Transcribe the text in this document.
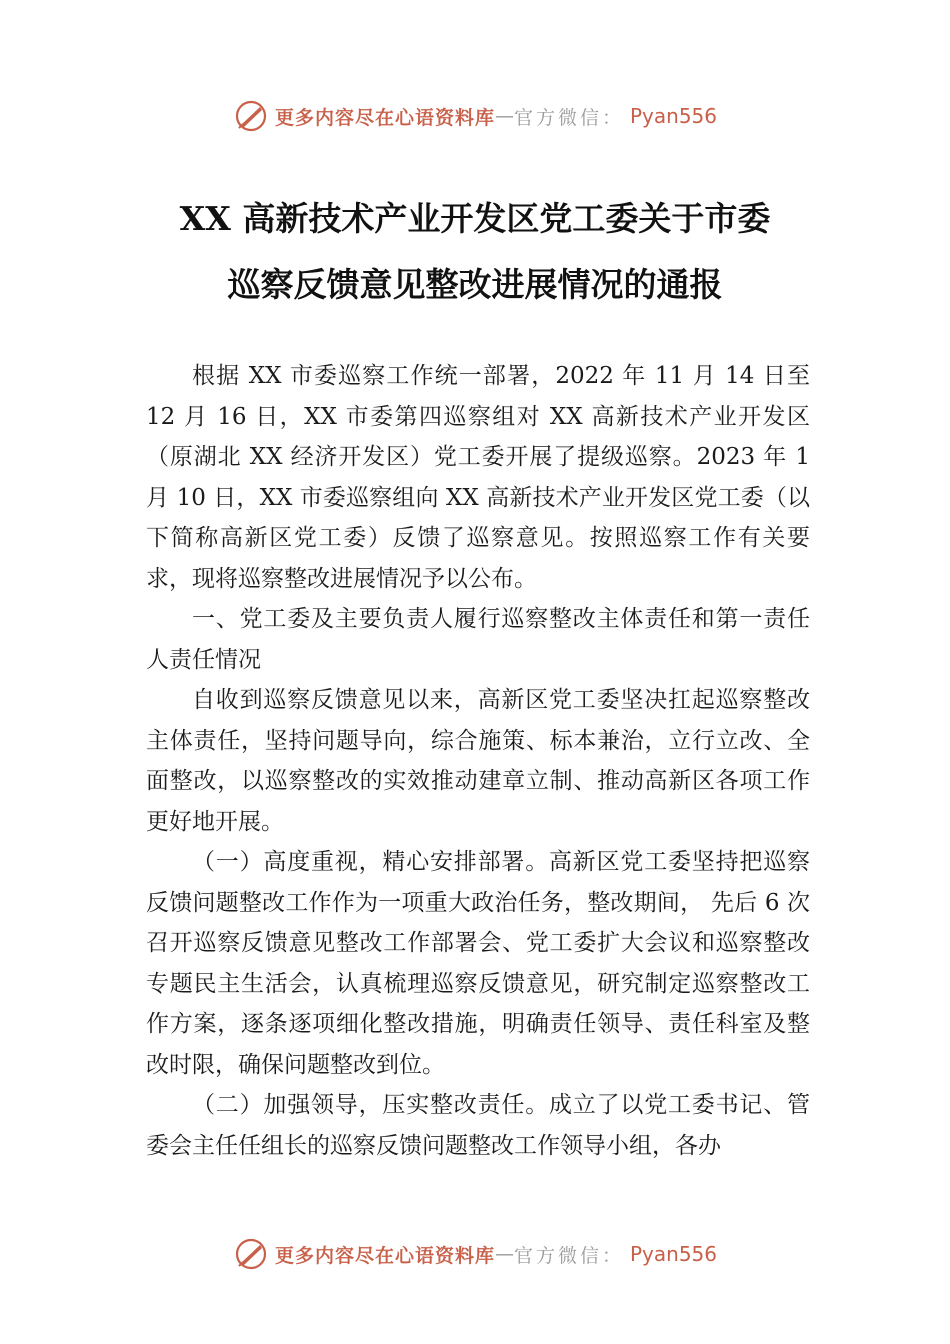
更多内容尽在心语资料库 — 官方微信： Pyan556
XX 高新技术产业开发区党工委关于市委
巡察反馈意见整改进展情况的通报

根据 XX 市委巡察工作统一部署，2022 年 11 月 14 日至 12 月 16 日，XX 市委第四巡察组对 XX 高新技术产业开发区（原湖北 XX 经济开发区）党工委开展了提级巡察。2023 年 1 月 10 日，XX 市委巡察组向 XX 高新技术产业开发区党工委（以下简称高新区党工委）反馈了巡察意见。按照巡察工作有关要求，现将巡察整改进展情况予以公布。

一、党工委及主要负责人履行巡察整改主体责任和第一责任人责任情况

自收到巡察反馈意见以来，高新区党工委坚决扛起巡察整改主体责任，坚持问题导向，综合施策、标本兼治，立行立改、全面整改，以巡察整改的实效推动建章立制、推动高新区各项工作更好地开展。

（一）高度重视，精心安排部署。高新区党工委坚持把巡察反馈问题整改工作作为一项重大政治任务，整改期间， 先后 6 次召开巡察反馈意见整改工作部署会、党工委扩大会议和巡察整改专题民主生活会，认真梳理巡察反馈意见，研究制定巡察整改工作方案，逐条逐项细化整改措施，明确责任领导、责任科室及整改时限，确保问题整改到位。

（二）加强领导，压实整改责任。成立了以党工委书记、管委会主任任组长的巡察反馈问题整改工作领导小组，各办

更多内容尽在心语资料库 — 官方微信： Pyan556
